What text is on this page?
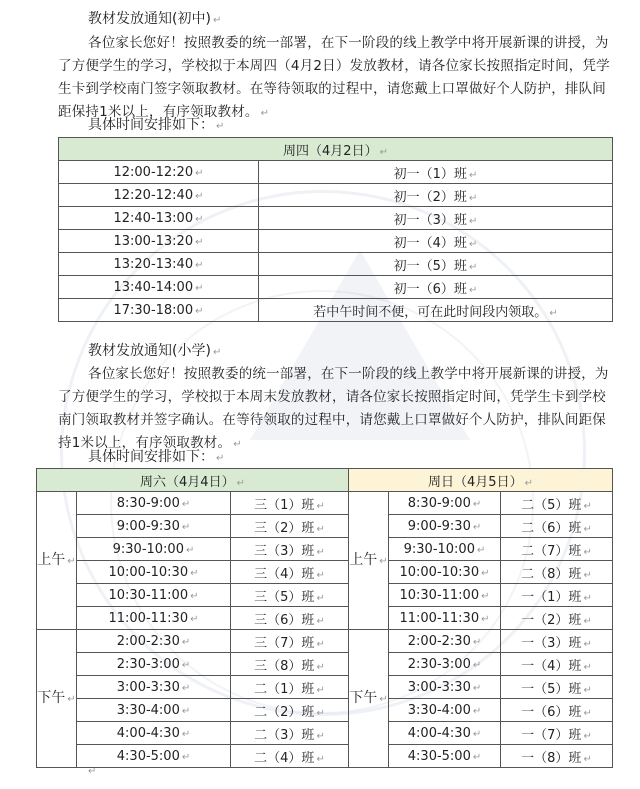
教材发放通知(初中) ↵
各位家长您好！按照教委的统一部署，在下一阶段的线上教学中将开展新课的讲授，为了方便学生的学习，学校拟于本周四（4月2日）发放教材，请各位家长按照指定时间，凭学生卡到学校南门签字领取教材。在等待领取的过程中，请您戴上口罩做好个人防护，排队间距保持1米以上，有序领取教材。 ↵
具体时间安排如下： ↵
周四（4月2日） ↵	
12:00-12:20 ↵	初一（1）班 ↵
12:20-12:40 ↵	初一（2）班 ↵
12:40-13:00 ↵	初一（3）班 ↵
13:00-13:20 ↵	初一（4）班 ↵
13:20-13:40 ↵	初一（5）班 ↵
13:40-14:00 ↵	初一（6）班 ↵
17:30-18:00 ↵	若中午时间不便，可在此时间段内领取。 ↵
教材发放通知(小学) ↵
各位家长您好！按照教委的统一部署，在下一阶段的线上教学中将开展新课的讲授，为了方便学生的学习，学校拟于本周末发放教材，请各位家长按照指定时间，凭学生卡到学校南门领取教材并签字确认。在等待领取的过程中，请您戴上口罩做好个人防护，排队间距保持1米以上，有序领取教材。 ↵
具体时间安排如下： ↵
周六（4月4日） ↵			周日（4月5日） ↵		
上午 ↵	8:30-9:00 ↵	三（1）班 ↵	上午 ↵	8:30-9:00 ↵	二（5）班 ↵
	9:00-9:30 ↵	三（2）班 ↵		9:00-9:30 ↵	二（6）班 ↵
	9:30-10:00 ↵	三（3）班 ↵		9:30-10:00 ↵	二（7）班 ↵
	10:00-10:30 ↵	三（4）班 ↵		10:00-10:30 ↵	二（8）班 ↵
	10:30-11:00 ↵	三（5）班 ↵		10:30-11:00 ↵	一（1）班 ↵
	11:00-11:30 ↵	三（6）班 ↵		11:00-11:30 ↵	一（2）班 ↵
下午 ↵	2:00-2:30 ↵	三（7）班 ↵	下午 ↵	2:00-2:30 ↵	一（3）班 ↵
	2:30-3:00 ↵	三（8）班 ↵		2:30-3:00 ↵	一（4）班 ↵
	3:00-3:30 ↵	二（1）班 ↵		3:00-3:30 ↵	一（5）班 ↵
	3:30-4:00 ↵	二（2）班 ↵		3:30-4:00 ↵	一（6）班 ↵
	4:00-4:30 ↵	二（3）班 ↵		4:00-4:30 ↵	一（7）班 ↵
	4:30-5:00 ↵	二（4）班 ↵		4:30-5:00 ↵	一（8）班 ↵
↵
